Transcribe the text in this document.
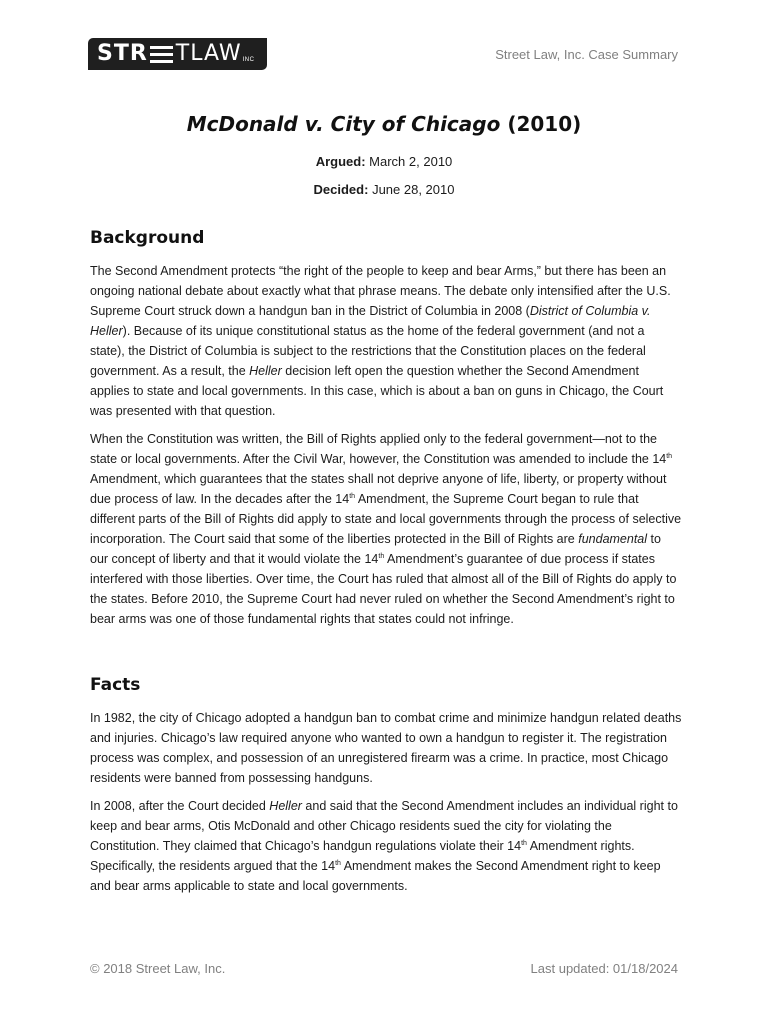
STR TLAW INC	Street Law, Inc. Case Summary
McDonald v. City of Chicago (2010)
Argued: March 2, 2010
Decided: June 28, 2010
Background
The Second Amendment protects “the right of the people to keep and bear Arms,” but there has been an ongoing national debate about exactly what that phrase means. The debate only intensified after the U.S. Supreme Court struck down a handgun ban in the District of Columbia in 2008 (District of Columbia v. Heller). Because of its unique constitutional status as the home of the federal government (and not a state), the District of Columbia is subject to the restrictions that the Constitution places on the federal government. As a result, the Heller decision left open the question whether the Second Amendment applies to state and local governments. In this case, which is about a ban on guns in Chicago, the Court was presented with that question.
When the Constitution was written, the Bill of Rights applied only to the federal government—not to the state or local governments. After the Civil War, however, the Constitution was amended to include the 14th Amendment, which guarantees that the states shall not deprive anyone of life, liberty, or property without due process of law. In the decades after the 14th Amendment, the Supreme Court began to rule that different parts of the Bill of Rights did apply to state and local governments through the process of selective incorporation. The Court said that some of the liberties protected in the Bill of Rights are fundamental to our concept of liberty and that it would violate the 14th Amendment’s guarantee of due process if states interfered with those liberties. Over time, the Court has ruled that almost all of the Bill of Rights do apply to the states. Before 2010, the Supreme Court had never ruled on whether the Second Amendment’s right to bear arms was one of those fundamental rights that states could not infringe.
Facts
In 1982, the city of Chicago adopted a handgun ban to combat crime and minimize handgun related deaths and injuries. Chicago’s law required anyone who wanted to own a handgun to register it. The registration process was complex, and possession of an unregistered firearm was a crime. In practice, most Chicago residents were banned from possessing handguns.
In 2008, after the Court decided Heller and said that the Second Amendment includes an individual right to keep and bear arms, Otis McDonald and other Chicago residents sued the city for violating the Constitution. They claimed that Chicago’s handgun regulations violate their 14th Amendment rights. Specifically, the residents argued that the 14th Amendment makes the Second Amendment right to keep and bear arms applicable to state and local governments.
© 2018 Street Law, Inc.	Last updated: 01/18/2024
